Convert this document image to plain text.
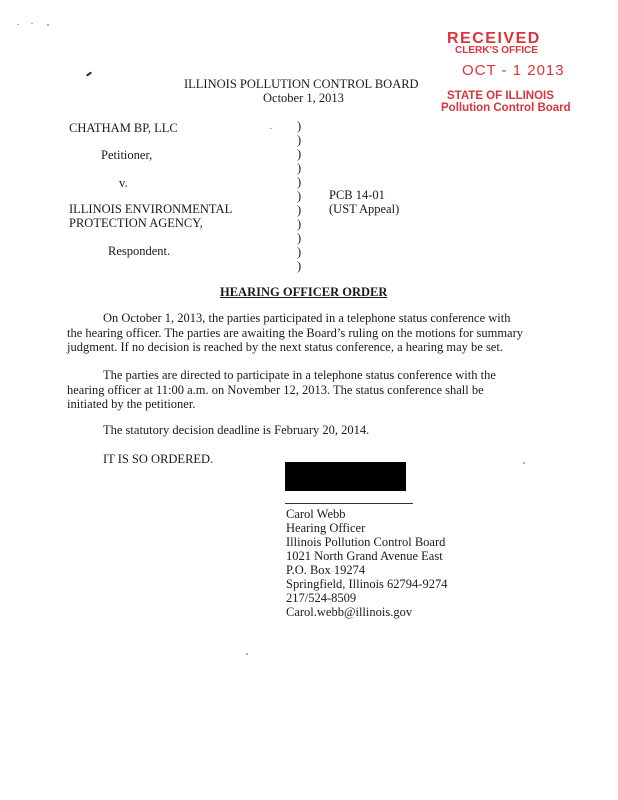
RECEIVED
CLERK'S OFFICE
OCT - 1 2013
STATE OF ILLINOIS
Pollution Control Board
ILLINOIS POLLUTION CONTROL BOARD
October 1, 2013
CHATHAM BP, LLC
Petitioner,
v.
ILLINOIS ENVIRONMENTAL
PROTECTION AGENCY,
Respondent.
)
)
)
)
)
)
)
)
)
)
)
PCB 14-01
(UST Appeal)
HEARING OFFICER ORDER
On October 1, 2013, the parties participated in a telephone status conference with the hearing officer. The parties are awaiting the Board’s ruling on the motions for summary judgment. If no decision is reached by the next status conference, a hearing may be set.
The parties are directed to participate in a telephone status conference with the hearing officer at 11:00 a.m. on November 12, 2013. The status conference shall be initiated by the petitioner.
The statutory decision deadline is February 20, 2014.
IT IS SO ORDERED.
Carol Webb
Hearing Officer
Illinois Pollution Control Board
1021 North Grand Avenue East
P.O. Box 19274
Springfield, Illinois 62794-9274
217/524-8509
Carol.webb@illinois.gov
